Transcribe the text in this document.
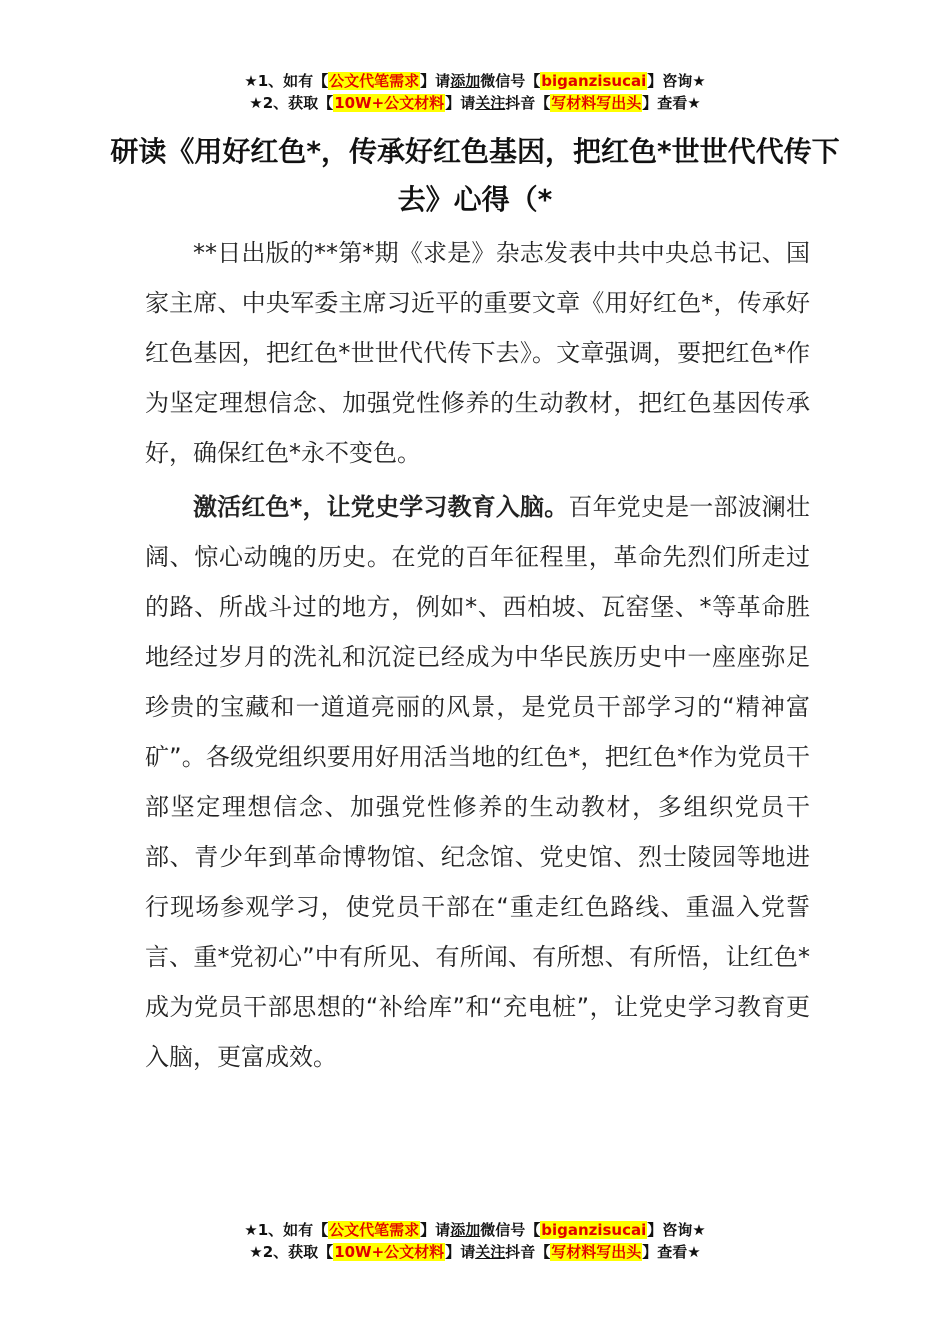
★1、如有【公文代笔需求】请添加微信号【biganzisucai】咨询★
★2、获取【10W+公文材料】请关注抖音【写材料写出头】查看★
研读《用好红色*，传承好红色基因，把红色*世世代代传下去》心得（*

**日出版的**第*期《求是》杂志发表中共中央总书记、国家主席、中央军委主席习近平的重要文章《用好红色*，传承好红色基因，把红色*世世代代传下去》。文章强调，要把红色*作为坚定理想信念、加强党性修养的生动教材，把红色基因传承好，确保红色*永不变色。

激活红色*，让党史学习教育入脑。百年党史是一部波澜壮阔、惊心动魄的历史。在党的百年征程里，革命先烈们所走过的路、所战斗过的地方，例如*、西柏坡、瓦窑堡、*等革命胜地经过岁月的洗礼和沉淀已经成为中华民族历史中一座座弥足珍贵的宝藏和一道道亮丽的风景，是党员干部学习的“精神富矿”。各级党组织要用好用活当地的红色*，把红色*作为党员干部坚定理想信念、加强党性修养的生动教材，多组织党员干部、青少年到革命博物馆、纪念馆、党史馆、烈士陵园等地进行现场参观学习，使党员干部在“重走红色路线、重温入党誓言、重*党初心”中有所见、有所闻、有所想、有所悟，让红色*成为党员干部思想的“补给库”和“充电桩”，让党史学习教育更入脑，更富成效。

★1、如有【公文代笔需求】请添加微信号【biganzisucai】咨询★
★2、获取【10W+公文材料】请关注抖音【写材料写出头】查看★
